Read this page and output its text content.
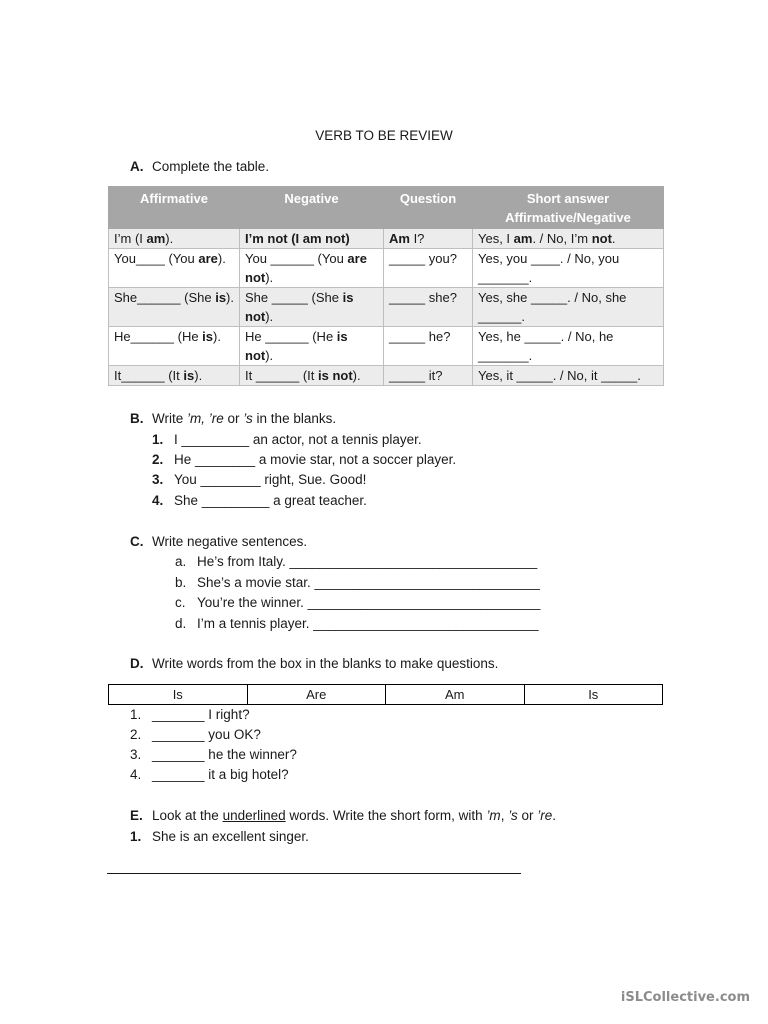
VERB TO BE REVIEW
A. Complete the table.
Affirmative	Negative	Question	Short answer
Affirmative/Negative
I’m (I am).	I’m not (I am not)	Am I?	Yes, I am. / No, I’m not.
You____ (You are).	You ______ (You are not).	_____ you?	Yes, you ____. / No, you _______.
She______ (She is).	She _____ (She is not).	_____ she?	Yes, she _____. / No, she ______.
He______ (He is).	He ______ (He is not).	_____ he?	Yes, he _____. / No, he _______.
It______ (It is).	It ______ (It is not).	_____ it?	Yes, it _____. / No, it _____.
B. Write ’m, ’re or ’s in the blanks.
1. I _________ an actor, not a tennis player.
2. He ________ a movie star, not a soccer player.
3. You ________ right, Sue. Good!
4. She _________ a great teacher.
C. Write negative sentences.
a. He’s from Italy. _________________________________
b. She’s a movie star. ______________________________
c. You’re the winner. _______________________________
d. I’m a tennis player. ______________________________
D. Write words from the box in the blanks to make questions.
Is	Are	Am	Is
1. _______ I right?
2. _______ you OK?
3. _______ he the winner?
4. _______ it a big hotel?
E. Look at the underlined words. Write the short form, with ’m, ’s or ’re.
1. She is an excellent singer.
iSLCollective.com
